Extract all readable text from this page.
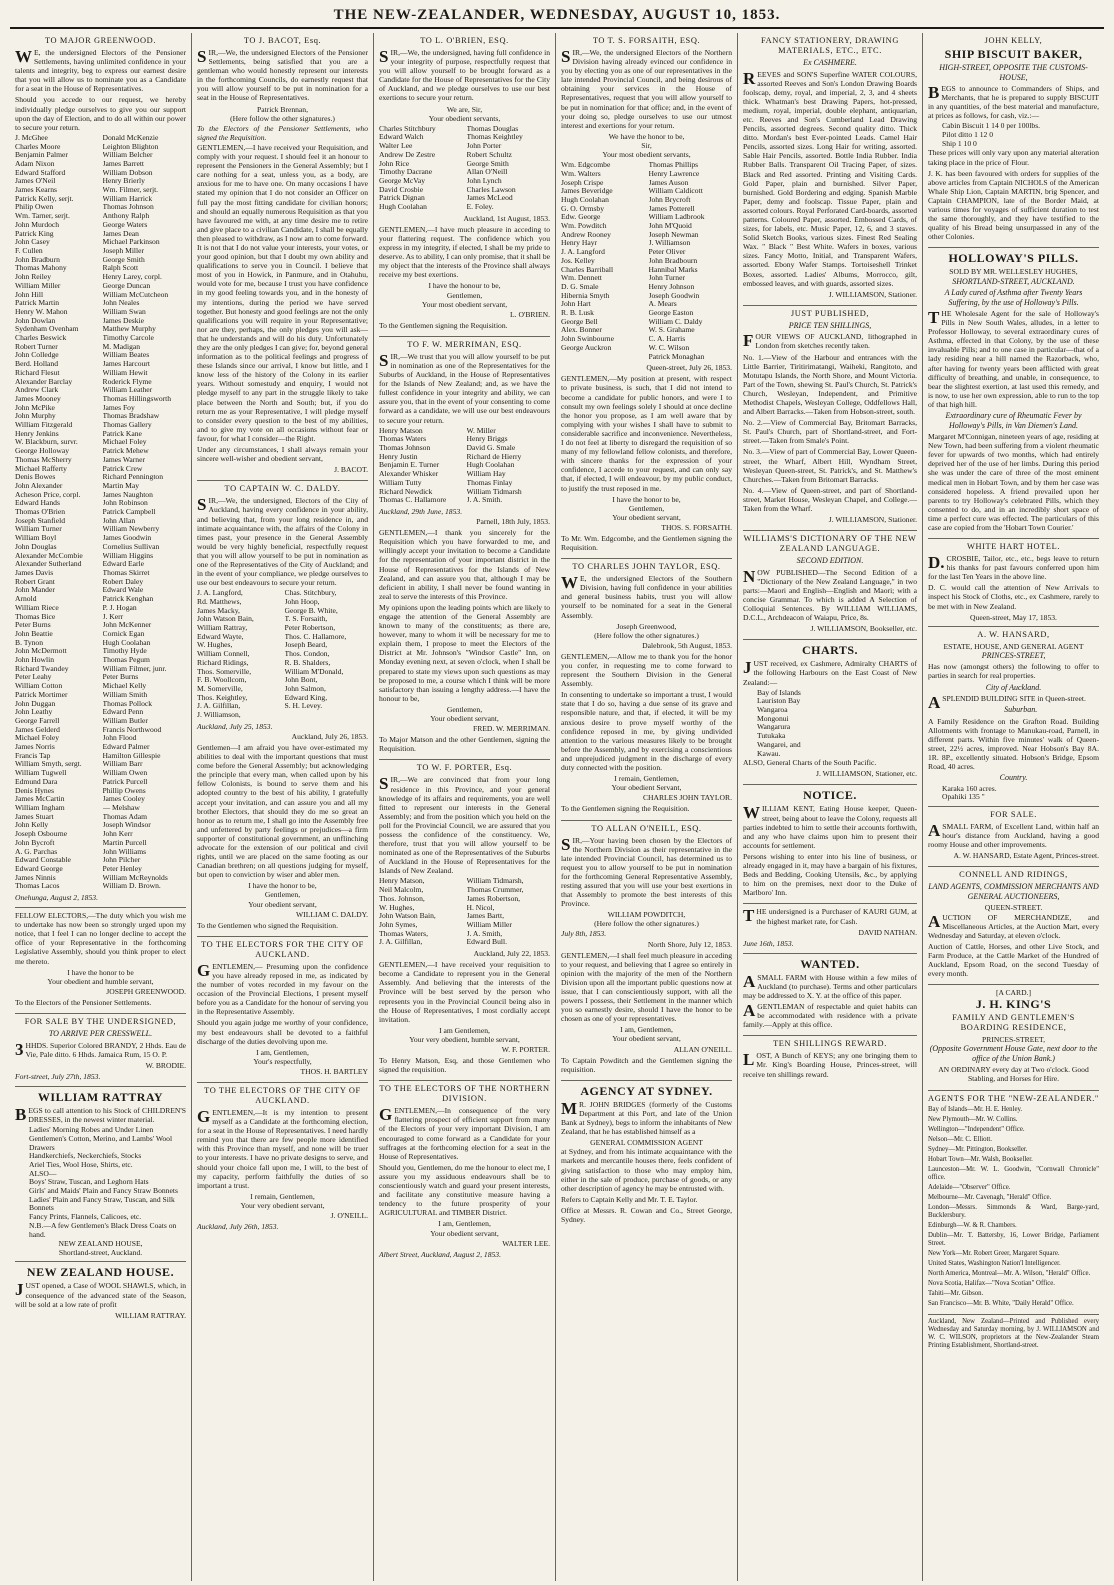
THE NEW-ZEALANDER, WEDNESDAY, AUGUST 10, 1853.
TO MAJOR GREENWOOD.

WE, the undersigned Electors of the Pensioner Settlements, having unlimited confidence in your talents and integrity, beg to express our earnest desire that you will allow us to nominate you as a Candidate for a seat in the House of Representatives.

Should you accede to our request, we hereby individually pledge ourselves to give you our support upon the day of Election, and to do all within our power to secure your return.

J. McGhee	Donald McKenzie
Charles Moore	Leighton Blighton
Benjamin Palmer	William Belcher
Adam Nixon	James Barrett
Edward Stafford	William Dobson
James O'Neil	Henry Brierly
James Kearns	Wm. Filmer, serjt.
Patrick Kelly, serjt.	William Harrick
Philip Owen	Thomas Johnson
Wm. Tarner, serjt.	Anthony Ralph
John Murdoch	George Waters
Patrick King	James Dean
John Casey	Michael Parkinson
F. Cullen	Joseph Miller
John Bradburn	George Smith
Thomas Mahony	Ralph Scott
John Reiley	Henry Larey, corpl.
William Miller	George Duncan
John Hill	William McCutcheon
Patrick Martin	John Neales
Henry W. Mahon	William Swan
John Dowlan	James Deskie
Sydenham Ovenham	Matthew Murphy
Charles Beswick	Timothy Carcole
Robert Turner	M. Madigan
John Colledge	William Beates
Berd. Holland	James Harcourt
Richard Flesut	William Hewit
Alexander Barclay	Roderick Flyme
Andrew Clark	William Leather
James Mooney	Thomas Hillingsworth
John McPike	James Foy
John Murphy	Thomas Bradshaw
William Fitzgerald	Thomas Gallery
Henry Jenkins	Patrick Kane
W. Blackburn, survr.	Michael Foley
George Holloway	Patrick Mehew
Thomas McSherry	James Warner
Michael Rafferty	Patrick Crew
Denis Bowes	Richard Pennington
John Alexander	Martin May
Acheson Price, corpl.	James Naughton
Edward Hands	John Robinson
Thomas O'Brien	Patrick Campbell
Joseph Stanfield	John Allan
William Turner	William Newberry
William Boyl	James Goodwin
John Douglas	Cornelius Sullivan
Alexander McCombie	William Higgins
Alexander Sutherland	Edward Earle
James Davis	Thomas Skirret
Robert Grant	Robert Daley
John Mander	Edward Wale
Arnold	Patrick Kenghan
William Riece	P. J. Hogan
Thomas Bice	J. Kerr
Peter Burns	John McKenner
John Beattie	Cornick Egan
B. Tynon	Hugh Coolahan
John McDermott	Timothy Hyde
John Howlin	Thomas Pegum
Richard Twandey	William Filmer, junr.
Peter Leahy	Peter Burns
William Cotton	Michael Kelly
Patrick Mortimer	William Smith
John Duggan	Thomas Pollock
John Leathy	Edward Penn
George Farrell	William Butler
James Gelderd	Francis Northwood
Michael Foley	John Flood
James Norris	Edward Palmer
Francis Tap	Hamilton Gillespie
William Smyth, sergt.	William Barr
William Tugwell	William Owen
Edmund Dara	Patrick Purcell
Denis Hynes	Phillip Owens
James McCartin	James Cooley
William Ingham	— Melshaw
James Stuart	Thomas Adam
John Kelly	Joseph Windsor
Joseph Osbourne	John Kerr
John Bycroft	Martin Purcell
A. G. Parchas	John Williams
Edward Constable	John Pilcher
Edward George	Peter Henley
James Ninnis	William McReynolds
Thomas Lacos	William D. Brown.
Onehunga, August 2, 1853.

FELLOW ELECTORS,—The duty which you wish me to undertake has now been so strongly urged upon my notice, that I feel I can no longer decline to accept the office of your Representative in the forthcoming Legislative Assembly, should you think proper to elect me thereto.

I have the honor to be
Your obedient and humble servant,
JOSEPH GREENWOOD.

To the Electors of the Pensioner Settlements.

FOR SALE BY THE UNDERSIGNED,
TO ARRIVE PER CRESSWELL.

3HHDS. Superior Colored BRANDY, 2 Hhds. Eau de Vie, Pale ditto. 6 Hhds. Jamaica Rum, 15 O. P.

W. BRODIE.
Fort-street, July 27th, 1853.
WILLIAM RATTRAY

BEGS to call attention to his Stock of CHILDREN'S DRESSES, in the newest winter material.

Ladies' Morning Robes and Under Linen
Gentlemen's Cotton, Merino, and Lambs' Wool Drawers
Handkerchiefs, Neckerchiefs, Stocks
Ariel Ties, Wool Hose, Shirts, etc.
ALSO—
Boys' Straw, Tuscan, and Leghorn Hats
Girls' and Maids' Plain and Fancy Straw Bonnets
Ladies' Plain and Fancy Straw, Tuscan, and Silk Bonnets
Fancy Prints, Flannels, Calicoes, etc.
N.B.—A few Gentlemen's Black Dress Coats on hand.
NEW ZEALAND HOUSE,
Shortland-street, Auckland.
NEW ZEALAND HOUSE.

JUST opened, a Case of WOOL SHAWLS, which, in consequence of the advanced state of the Season, will be sold at a low rate of profit

WILLIAM RATTRAY.
TO J. BACOT, Esq.

SIR,—We, the undersigned Electors of the Pensioner Settlements, being satisfied that you are a gentleman who would honestly represent our interests in the forthcoming Councils, do earnestly request that you will allow yourself to be put in nomination for a seat in the House of Representatives.

Patrick Brennan,
(Here follow the other signatures.)

To the Electors of the Pensioner Settlements, who signed the Requisition.

GENTLEMEN,—I have received your Requisition, and comply with your request. I should feel it an honour to represent the Pensioners in the General Assembly; but I care nothing for a seat, unless you, as a body, are anxious for me to have one. On many occasions I have stated my opinion that I do not consider an Officer on full pay the most fitting candidate for civilian honors; and should an equally numerous Requisition as that you have favoured me with, at any time desire me to retire and give place to a civilian Candidate, I shall be equally then pleased to withdraw, as I now am to come forward. It is not that I do not value your interests, your votes, or your good opinion, but that I doubt my own ability and qualifications to serve you in Council. I believe that most of you in Howick, in Panmure, and in Otahuhu, would vote for me, because I trust you have confidence in my good feeling towards you, and in the honesty of my intentions, during the period we have served together. But honesty and good feelings are not the only qualifications you will require in your Representative; nor are they, perhaps, the only pledges you will ask—that he understands and will do his duty. Unfortunately they are the only pledges I can give; for, beyond general information as to the political feelings and progress of these Islands since our arrival, I know but little, and I know less of the history of the Colony in its earlier years. Without somestudy and enquiry, I would not pledge myself to any part in the struggle likely to take place between the North and South; but, if you do return me as your Representative, I will pledge myself to consider every question to the best of my abilities, and to give my vote on all occasions without fear or favour, for what I consider—the Right.

Under any circumstances, I shall always remain your sincere well-wisher and obedient servant,

J. BACOT.
TO CAPTAIN W. C. DALDY.

SIR,—We, the undersigned, Electors of the City of Auckland, having every confidence in your ability, and believing that, from your long residence in, and intimate acquaintance with, the affairs of the Colony in times past, your presence in the General Assembly would be very highly beneficial, respectfully request that you will allow yourself to be put in nomination as one of the Representatives of the City of Auckland; and in the event of your compliance, we pledge ourselves to use our best endeavours to secure your return.

J. A. Langford,	Chas. Stitchbury,
Rd. Matthews,	John Hoop,
James Macky,	George B. White,
John Watson Bain,	T. S. Forsaith,
William Rattray,	Peter Robertson,
Edward Wayte,	Thos. C. Hallamore,
W. Hughes,	Joseph Beard,
William Connell,	Thos. Condon,
Richard Ridings,	R. B. Shalders,
Thos. Somerville,	William M'Donald,
F. B. Woollcom,	John Bont,
M. Somerville,	John Salmon,
Thos. Keightley,	Edward King,
J. A. Gilfillan,	S. H. Levey.
J. Williamson,
Auckland, July 25, 1853.
Auckland, July 26, 1853.

Gentlemen—I am afraid you have over-estimated my abilities to deal with the important questions that must come before the General Assembly; but acknowledging the principle that every man, when called upon by his fellow Colonists, is bound to serve them and his adopted country to the best of his ability, I gratefully accept your invitation, and can assure you and all my brother Electors, that should they do me so great an honor as to return me, I shall go into the Assembly free and unfettered by party feelings or prejudices—a firm supporter of constitutional government, an unflinching advocate for the extension of our political and civil rights, until we are placed on the same footing as our Canadian brethren; on all questions judging for myself, but open to conviction by wiser and abler men.

I have the honor to be,
Gentlemen,
Your obedient servant,
WILLIAM C. DALDY.

To the Gentlemen who signed the Requisition.

TO THE ELECTORS FOR THE CITY OF AUCKLAND.

GENTLEMEN,— Presuming upon the confidence you have already reposed in me, as indicated by the number of votes recorded in my favour on the occasion of the Provincial Elections, I present myself before you as a Candidate for the honour of serving you in the Representative Assembly.

Should you again judge me worthy of your confidence, my best endeavours shall be devoted to a faithful discharge of the duties devolving upon me.

I am, Gentlemen,
Your's respectfully,
THOS. H. BARTLEY
TO THE ELECTORS OF THE CITY OF AUCKLAND.

GENTLEMEN,—It is my intention to present myself as a Candidate at the forthcoming election, for a seat in the House of Representatives. I need hardly remind you that there are few people more identified with this Province than myself, and none will be truer to your interests. I have no private designs to serve, and should your choice fall upon me, I will, to the best of my capacity, perform faithfully the duties of so important a trust.

I remain, Gentlemen,
Your very obedient servant,
J. O'NEILL.
Auckland, July 26th, 1853.
TO L. O'BRIEN, ESQ.

SIR,—We, the undersigned, having full confidence in your integrity of purpose, respectfully request that you will allow yourself to be brought forward as a Candidate for the House of Representatives for the City of Auckland, and we pledge ourselves to use our best exertions to secure your return.

We are, Sir,
Your obedient servants,
Charles Stitchbury	Thomas Douglas
Edward Walch	Thomas Keightley
Walter Lee	John Porter
Andrew De Zestre	Robert Schultz
John Rice	George Smith
Timothy Dacrane	Allan O'Neill
George McVay	John Lynch
David Crosbie	Charles Lawson
Patrick Dignan	James McLeod
Hugh Coolahan	E. Foley.
Auckland, 1st August, 1853.

GENTLEMEN,—I have much pleasure in acceding to your flattering request. The confidence which you express in my integrity, if elected, I shall be my pride to deserve. As to ability, I can only promise, that it shall be my object that the interests of the Province shall always receive my best exertions.

I have the honour to be,
Gentlemen,
Your most obedient servant,
L. O'BRIEN.

To the Gentlemen signing the Requisition.

TO F. W. MERRIMAN, ESQ.

SIR,—We trust that you will allow yourself to be put in nomination as one of the Representatives for the Suburbs of Auckland, in the House of Representatives for the Islands of New Zealand; and, as we have the fullest confidence in your integrity and ability, we can assure you, that in the event of your consenting to come forward as a candidate, we will use our best endeavours to secure your return.

Henry Matson	W. Miller
Thomas Waters	Henry Briggs
Thomas Johnson	David G. Smale
Henry Justin	Richard de Hierry
Benjamin E. Turner	Hugh Coolahan
Alexander Whisker	William Hay
William Tutty	Thomas Finlay
Richard Newdick	William Tidmarsh
Thomas C. Hallamore	J. A. Smith.
Auckland, 29th June, 1853.
Parnell, 18th July, 1853.

GENTLEMEN,—I thank you sincerely for the Requisition which you have forwarded to me, and willingly accept your invitation to become a Candidate for the representation of your important district in the House of Representatives for the Islands of New Zealand, and can assure you that, although I may be deficient in ability, I shall never be found wanting in zeal to serve the interests of this Province.

My opinions upon the leading points which are likely to engage the attention of the General Assembly are known to many of the constituents; as there are, however, many to whom it will be necessary for me to explain them, I propose to meet the Electors of the District at Mr. Johnson's "Windsor Castle" Inn, on Monday evening next, at seven o'clock, when I shall be prepared to state my views upon such questions as may be proposed to me, a course which I think will be more satisfactory than issuing a lengthy address.—I have the honour to be,

Gentlemen,
Your obedient servant,
FRED. W. MERRIMAN.

To Major Matson and the other Gentlemen, signing the Requisition.

TO W. F. PORTER, Esq.

SIR,—We are convinced that from your long residence in this Province, and your general knowledge of its affairs and requirements, you are well fitted to represent our interests in the General Assembly; and from the position which you held on the poll for the Provincial Council, we are assured that you possess the confidence of the constituency. We, therefore, trust that you will allow yourself to be nominated as one of the Representatives of the Suburbs of Auckland in the House of Representatives for the Islands of New Zealand.

Henry Matson,	William Tidmarsh,
Neil Malcolm,	Thomas Crummer,
Thos. Johnson,	James Robertson,
W. Hughes,	H. Nicol,
John Watson Bain,	James Bartt,
John Symes,	William Miller
Thomas Waters,	J. A. Smith,
J. A. Gilfillan,	Edward Bull.
Auckland, July 22, 1853.

GENTLEMEN,—I have received your requisition to become a Candidate to represent you in the General Assembly. And believing that the interests of the Province will be best served by the person who represents you in the Provincial Council being also in the House of Representatives, I most cordially accept invitation.

I am Gentlemen,
Your very obedient, humble servant,
W. F. PORTER.

To Henry Matson, Esq, and those Gentlemen who signed the requisition.

TO THE ELECTORS OF THE NORTHERN DIVISION.

GENTLEMEN,—In consequence of the very flattering prospect of efficient support from many of the Electors of your very important Division, I am encouraged to come forward as a Candidate for your suffrages at the forthcoming election for a seat in the House of Representatives.

Should you, Gentlemen, do me the honour to elect me, I assure you my assiduous endeavours shall be to conscientiously watch and guard your present interests, and facilitate any constitutive measure having a tendency to the future prosperity of your AGRICULTURAL and TIMBER District.

I am, Gentlemen,
Your obedient servant,
WALTER LEE.
Albert Street, Auckland, August 2, 1853.
TO T. S. FORSAITH, ESQ.

SIR,—We, the undersigned Electors of the Northern Division having already evinced our confidence in you by electing you as one of our representatives in the late intended Provincial Council, and being desirous of obtaining your services in the House of Representatives, request that you will allow yourself to be put in nomination for that office; and, in the event of your doing so, pledge ourselves to use our utmost interest and exertions for your return.

We have the honor to be,
Sir,
Your most obedient servants,
Wm. Edgcombe	Thomas Phillips
Wm. Walters	Henry Lawrence
Joseph Crispe	James Auson
James Beveridge	William Caldicott
Hugh Coolahan	John Brycroft
G. O. Ormsby	James Potterell
Edw. George	William Ladbrook
Wm. Powditch	John M'Quoid
Andrew Rooney	Joseph Newman
Henry Hayr	J. Williamson
J. A. Langford	Peter Oliver
Jos. Kelley	John Bradbourn
Charles Barriball	Hannibal Marks
Wm. Dennett	John Turner
D. G. Smale	Henry Johnson
Hibernia Smyth	Joseph Goodwin
John Hart	A. Mears
R. B. Lusk	George Easton
George Bell	William C. Daldy
Alex. Bonner	W. S. Grahame
John Swinbourne	C. A. Harris
George Auckron	W. C. Wilson
Patrick Monaghan
Queen-street, July 26, 1853.

GENTLEMEN,—My position at present, with respect to private business, is such, that I did not intend to become a candidate for public honors, and were I to consult my own feelings solely I should at once decline the honor you propose, as I am well aware that by complying with your wishes I shall have to submit to considerable sacrifice and inconvenience. Nevertheless, I do not feel at liberty to disregard the requisition of so many of my fellowland fellow colonists, and therefore, with sincere thanks for the expression of your confidence, I accede to your request, and can only say that, if elected, I will endeavour, by my public conduct, to justify the trust reposed in me.

I have the honor to be,
Gentlemen,
Your obedient servant,
THOS. S. FORSAITH.

To Mr. Wm. Edgcombe, and the Gentlemen signing the Requisition.

TO CHARLES JOHN TAYLOR, ESQ.

WE, the undersigned Electors of the Southern Division, having full confidence in your abilities and general business habits, trust you will allow yourself to be nominated for a seat in the General Assembly.

Joseph Greenwood,
(Here follow the other signatures.)
Dalebrook, 5th August, 1853.

GENTLEMEN,—Allow me to thank you for the honor you confer, in requesting me to come forward to represent the Southern Division in the General Assembly.

In consenting to undertake so important a trust, I would state that I do so, having a due sense of its grave and responsible nature, and that, if elected, it will be my anxious desire to prove myself worthy of the confidence reposed in me, by giving undivided attention to the various measures likely to be brought before the Assembly, and by exercising a conscientious and unprejudiced judgment in the discharge of every duty connected with the position.

I remain, Gentlemen,
Your obedient Servant,
CHARLES JOHN TAYLOR.

To the Gentlemen signing the Requisition.

TO ALLAN O'NEILL, ESQ.

SIR,—Your having been chosen by the Electors of the Northern Division as their representative in the late intended Provincial Council, has determined us to request you to allow yourself to be put in nomination for the forthcoming General Representative Assembly, resting assured that you will use your best exertions in that Assembly to promote the best interests of this Province.

WILLIAM POWDITCH,
(Here follow the other signatures.)
July 8th, 1853.
North Shore, July 12, 1853.

GENTLEMEN,—I shall feel much pleasure in acceding to your request, and believing that I agree so entirely in opinion with the majority of the men of the Northern Division upon all the important public questions now at issue, that I can conscientiously support, with all the powers I possess, their Settlement in the manner which you so earnestly desire, should I have the honor to be chosen as one of your representatives.

I am, Gentlemen,
Your obedient servant,
ALLAN O'NEILL.

To Captain Powditch and the Gentlemen signing the requisition.

AGENCY AT SYDNEY.

MR. JOHN BRIDGES (formerly of the Customs Department at this Port, and late of the Union Bank at Sydney), begs to inform the inhabitants of New Zealand, that he has established himself as a

GENERAL COMMISSION AGENT

at Sydney, and from his intimate acquaintance with the markets and mercantile houses there, feels confident of giving satisfaction to those who may employ him, either in the sale of produce, purchase of goods, or any other description of agency he may be entrusted with.

Refers to Captain Kelly and Mr. T. E. Taylor.

Office at Messrs. R. Cowan and Co., Street George, Sydney.

FANCY STATIONERY, DRAWING MATERIALS, ETC., ETC.
Ex CASHMERE.

REEVES and SON'S Superfine WATER COLOURS, assorted Reeves and Son's London Drawing Boards foolscap, demy, royal, and imperial, 2, 3, and 4 sheets thick. Whatman's best Drawing Papers, hot-pressed, medium, royal, imperial, double elephant, antiquarian, etc. Reeves and Son's Cumberland Lead Drawing Pencils, assorted degrees. Second quality ditto. Thick ditto. Mordan's best Ever-pointed Leads. Camel Hair Pencils, assorted sizes. Long Hair for writing, assorted. Sable Hair Pencils, assorted. Bottle India Rubber. India Rubber Balls. Transparent Oil Tracing Paper, of sizes. Black and Red assorted. Printing and Visiting Cards. Gold Paper, plain and burnished. Silver Paper, burnished. Gold Bordering and edging. Spanish Marble Paper, demy and foolscap. Tissue Paper, plain and assorted colours. Royal Perforated Card-boards, assorted patterns. Coloured Paper, assorted. Embossed Cards, of sizes, for labels, etc. Music Paper, 12, 6, and 3 staves. Solid Sketch Books, various sizes. Finest Red Sealing Wax. " Black " Best White. Wafers in boxes, various sizes. Fancy Motto, Initial, and Transparent Wafers, assorted. Ebony Wafer Stamps. Tortoiseshell Trinket Boxes, assorted. Ladies' Albums, Morrocco, gilt, embossed leaves, and with guards, assorted sizes.

J. WILLIAMSON, Stationer.
JUST PUBLISHED,
PRICE TEN SHILLINGS,

FOUR VIEWS OF AUCKLAND, lithographed in London from sketches recently taken.

No. 1.—View of the Harbour and entrances with the Little Barrier, Tiritirimatangi, Waiheki, Rangitoto, and Motutapu Islands, the North Shore, and Mount Victoria. Part of the Town, shewing St. Paul's Church, St. Patrick's Church, Wesleyan, Independent, and Primitive Methodist Chapels, Wesleyan College, Oddfellows Hall, and Albert Barracks.—Taken from Hobson-street, south.

No. 2.—View of Commercial Bay, Britomart Barracks, St. Paul's Church, part of Shortland-street, and Fort-street.—Taken from Smale's Point.

No. 3.—View of part of Commercial Bay, Lower Queen-street, the Wharf, Albert Hill, Wyndham Street, Wesleyan Queen-street, St. Patrick's, and St. Matthew's Churches.—Taken from Britomart Barracks.

No. 4.—View of Queen-street, and part of Shortland-street, Market House, Wesleyan Chapel, and College.—Taken from the Wharf.

J. WILLIAMSON, Stationer.
WILLIAMS'S DICTIONARY OF THE NEW ZEALAND LANGUAGE.
SECOND EDITION.

NOW PUBLISHED—The Second Edition of a "Dictionary of the New Zealand Language," in two parts:—Maori and English—English and Maori; with a concise Grammar. To which is added A Selection of Colloquial Sentences. By WILLIAM WILLIAMS, D.C.L., Archdeacon of Waiapu, Price, 8s.

J. WILLIAMSON, Bookseller, etc.
CHARTS.

JUST received, ex Cashmere, Admiralty CHARTS of the following Harbours on the East Coast of New Zealand:—

Bay of Islands
Lauriston Bay
Wangaroa
Mongonui
Wangarura
Tutukaka
Wangarei, and
Kawau.

ALSO, General Charts of the South Pacific.

J. WILLIAMSON, Stationer, etc.
NOTICE.

WILLIAM KENT, Eating House keeper, Queen-street, being about to leave the Colony, requests all parties indebted to him to settle their accounts forthwith, and any who have claims upon him to present their accounts for settlement.

Persons wishing to enter into his line of business, or already engaged in it, may have a bargain of his fixtures, Beds and Bedding, Cooking Utensils, &c., by applying to him on the premises, next door to the Duke of Marlboro' Inn.

THE undersigned is a Purchaser of KAURI GUM, at the highest market rate, for Cash.

DAVID NATHAN.
June 16th, 1853.
WANTED.

ASMALL FARM with House within a few miles of Auckland (to purchase). Terms and other particulars may be addressed to X. Y. at the office of this paper.

AGENTLEMAN of respectable and quiet habits can be accommodated with residence with a private family.—Apply at this office.

TEN SHILLINGS REWARD.

LOST, A Bunch of KEYS; any one bringing them to Mr. King's Boarding House, Princes-street, will receive ten shillings reward.

JOHN KELLY,
SHIP BISCUIT BAKER,
HIGH-STREET, OPPOSITE THE CUSTOMS-HOUSE,

BEGS to announce to Commanders of Ships, and Merchants, that he is prepared to supply BISCUIT in any quantities, of the best material and manufacture, at prices as follows, for cash, viz.:—

Cabin Biscuit 1 14 0 per 100lbs.
Pilot ditto 1 12 0
Ship 1 10 0

These prices will only vary upon any material alteration taking place in the price of Flour.

J. K. has been favoured with orders for supplies of the above articles from Captain NICHOLS of the American Whale Ship Lion, Captain MARTIN, brig Spencer, and Captain CHAMPION, late of the Border Maid, at various times for voyages of sufficient duration to test the same thoroughly, and they have testified to the quality of his Bread being unsurpassed in any of the other Colonies.

HOLLOWAY'S PILLS.
SOLD BY MR. WELLESLEY HUGHES,
SHORTLAND-STREET, AUCKLAND.
A Lady cured of Asthma after Twenty Years Suffering, by the use of Holloway's Pills.

THE Wholesale Agent for the sale of Holloway's Pills in New South Wales, alludes, in a letter to Professor Holloway, to several extraordinary cures of Asthma, effected in that Colony, by the use of these invaluable Pills; and to one case in particular—that of a lady residing near a hill named the Razorback, who, after having for twenty years been afflicted with great difficulty of breathing, and unable, in consequence, to bear the slightest exertion, at last used this remedy, and is now, to use her own expression, able to run to the top of that high hill.

Extraordinary cure of Rheumatic Fever by Holloway's Pills, in Van Diemen's Land.

Margaret M'Connigan, nineteen years of age, residing at New Town, had been suffering from a violent rheumatic fever for upwards of two months, which had entirely deprived her of the use of her limbs. During this period she was under the care of three of the most eminent medical men in Hobart Town, and by them her case was considered hopeless. A friend prevailed upon her parents to try Holloway's celebrated Pills, which they consented to do, and in an incredibly short space of time a perfect cure was effected. The particulars of this case are copied from the 'Hobart Town Courier.'

WHITE HART HOTEL.

D.CROSBIE, Tailor, etc., etc., begs leave to return his thanks for past favours conferred upon him for the last Ten Years in the above line.

D. C. would call the attention of New Arrivals to inspect his Stock of Cloths, etc., ex Cashmere, rarely to be met with in New Zealand.

Queen-street, May 17, 1853.
A. W. HANSARD,
ESTATE, HOUSE, AND GENERAL AGENT
PRINCES-STREET,

Has now (amongst others) the following to offer to parties in search for real properties.

City of Auckland.

ASPLENDID BUILDING SITE in Queen-street.

Suburban.

A Family Residence on the Grafton Road. Building Allotments with frontage to Manukau-road, Parnell, in different parts. Within five minutes' walk of Queen-street, 22½ acres, improved. Near Hobson's Bay 8A. 1R. 8P., excellently situated. Hobson's Bridge, Epsom Road, 40 acres.

Country.
Karaka 160 acres.
Opahiki 135 "
FOR SALE.

ASMALL FARM, of Excellent Land, within half an hour's distance from Auckland, having a good roomy House and other improvements.

A. W. HANSARD, Estate Agent, Princes-street.
CONNELL AND RIDINGS,
LAND AGENTS, COMMISSION MERCHANTS AND GENERAL AUCTIONEERS,
QUEEN-STREET.

AUCTION OF MERCHANDIZE, and Miscellaneous Articles, at the Auction Mart, every Wednesday and Saturday, at eleven o'clock.

Auction of Cattle, Horses, and other Live Stock, and Farm Produce, at the Cattle Market of the Hundred of Auckland, Epsom Road, on the second Tuesday of every month.

[A CARD.]
J. H. KING'S
FAMILY AND GENTLEMEN'S BOARDING RESIDENCE,
PRINCES-STREET,
(Opposite Government House Gate, next door to the office of the Union Bank.)

AN ORDINARY every day at Two o'clock. Good Stabling, and Horses for Hire.

AGENTS FOR THE "NEW-ZEALANDER."

Bay of Islands—Mr. H. E. Henley.

New Plymouth—Mr. W. Collins.

Wellington—"Independent" Office.

Nelson—Mr. C. Elliott.

Sydney—Mr. Pittington, Bookseller.

Hobart Town—Mr. Walsh, Bookseller.

Launceston—Mr. W. L. Goodwin, "Cornwall Chronicle" office.

Adelaide—"Observer" Office.

Melbourne—Mr. Cavenagh, "Herald" Office.

London—Messrs. Simmonds & Ward, Barge-yard, Bucklersbury.

Edinburgh—W. & R. Chambers.

Dublin—Mr. T. Battersby, 16, Lower Bridge, Parliament Street.

New York—Mr. Robert Greer, Margaret Square.

United States, Washington Nation'l Intelligencer.

North America, Montreal—Mr. A. Wilson, "Herald" Office.

Nova Scotia, Halifax—"Nova Scotian" Office.

Tahiti—Mr. Gibson.

San Francisco—Mr. B. White, "Daily Herald" Office.

Auckland, New Zealand—Printed and Published every Wednesday and Saturday morning, by J. WILLIAMSON and W. C. WILSON, proprietors at the New-Zealander Steam Printing Establishment, Shortland-street.
